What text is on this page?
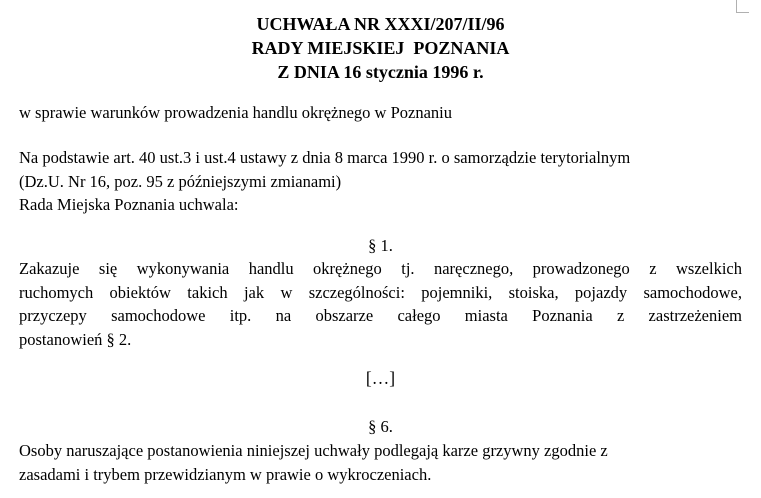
UCHWAŁA NR XXXI/207/II/96
RADY MIEJSKIEJ  POZNANIA
Z DNIA 16 stycznia 1996 r.
w sprawie warunków prowadzenia handlu okrężnego w Poznaniu
Na podstawie art. 40 ust.3 i ust.4 ustawy z dnia 8 marca 1990 r. o samorządzie terytorialnym
(Dz.U. Nr 16, poz. 95 z późniejszymi zmianami)
Rada Miejska Poznania uchwala:
§ 1.
Zakazuje się wykonywania handlu okrężnego tj. naręcznego, prowadzonego z wszelkich
ruchomych obiektów takich jak w szczególności: pojemniki, stoiska, pojazdy samochodowe,
przyczepy samochodowe itp. na obszarze całego miasta Poznania z zastrzeżeniem
postanowień § 2.
[…]
§ 6.
Osoby naruszające postanowienia niniejszej uchwały podlegają karze grzywny zgodnie z
zasadami i trybem przewidzianym w prawie o wykroczeniach.
